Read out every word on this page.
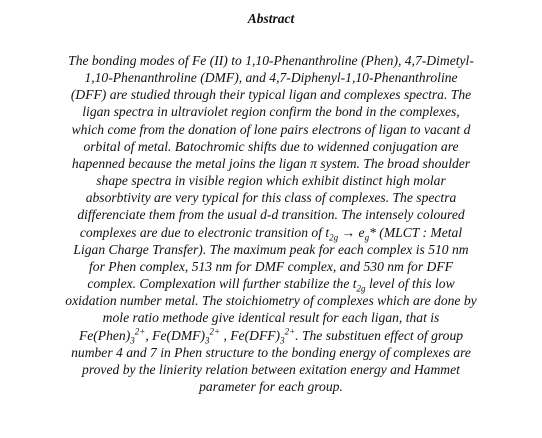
Abstract

The bonding modes of Fe (II) to 1,10-Phenanthroline (Phen), 4,7-Dimetyl-
1,10-Phenanthroline (DMF), and 4,7-Diphenyl-1,10-Phenanthroline
(DFF) are studied through their typical ligan and complexes spectra. The
ligan spectra in ultraviolet region confirm the bond in the complexes,
which come from the donation of lone pairs electrons of ligan to vacant d
orbital of metal. Batochromic shifts due to widenned conjugation are
hapenned because the metal joins the ligan π system. The broad shoulder
shape spectra in visible region which exhibit distinct high molar
absorbtivity are very typical for this class of complexes. The spectra
differenciate them from the usual d-d transition. The intensely coloured
complexes are due to electronic transition of $t_{2g} \to e_g*$ (MLCT : Metal
Ligan Charge Transfer). The maximum peak for each complex is 510 nm
for Phen complex, 513 nm for DMF complex, and 530 nm for DFF
complex. Complexation will further stabilize the $t_{2g}$ level of this low
oxidation number metal. The stoichiometry of complexes which are done by
mole ratio methode give identical result for each ligan, that is
$Fe(Phen)_3^{2+}$, $Fe(DMF)_3^{2+}$ , $Fe(DFF)_3^{2+}$. The substituen effect of group
number 4 and 7 in Phen structure to the bonding energy of complexes are
proved by the linierity relation between exitation energy and Hammet
parameter for each group.
